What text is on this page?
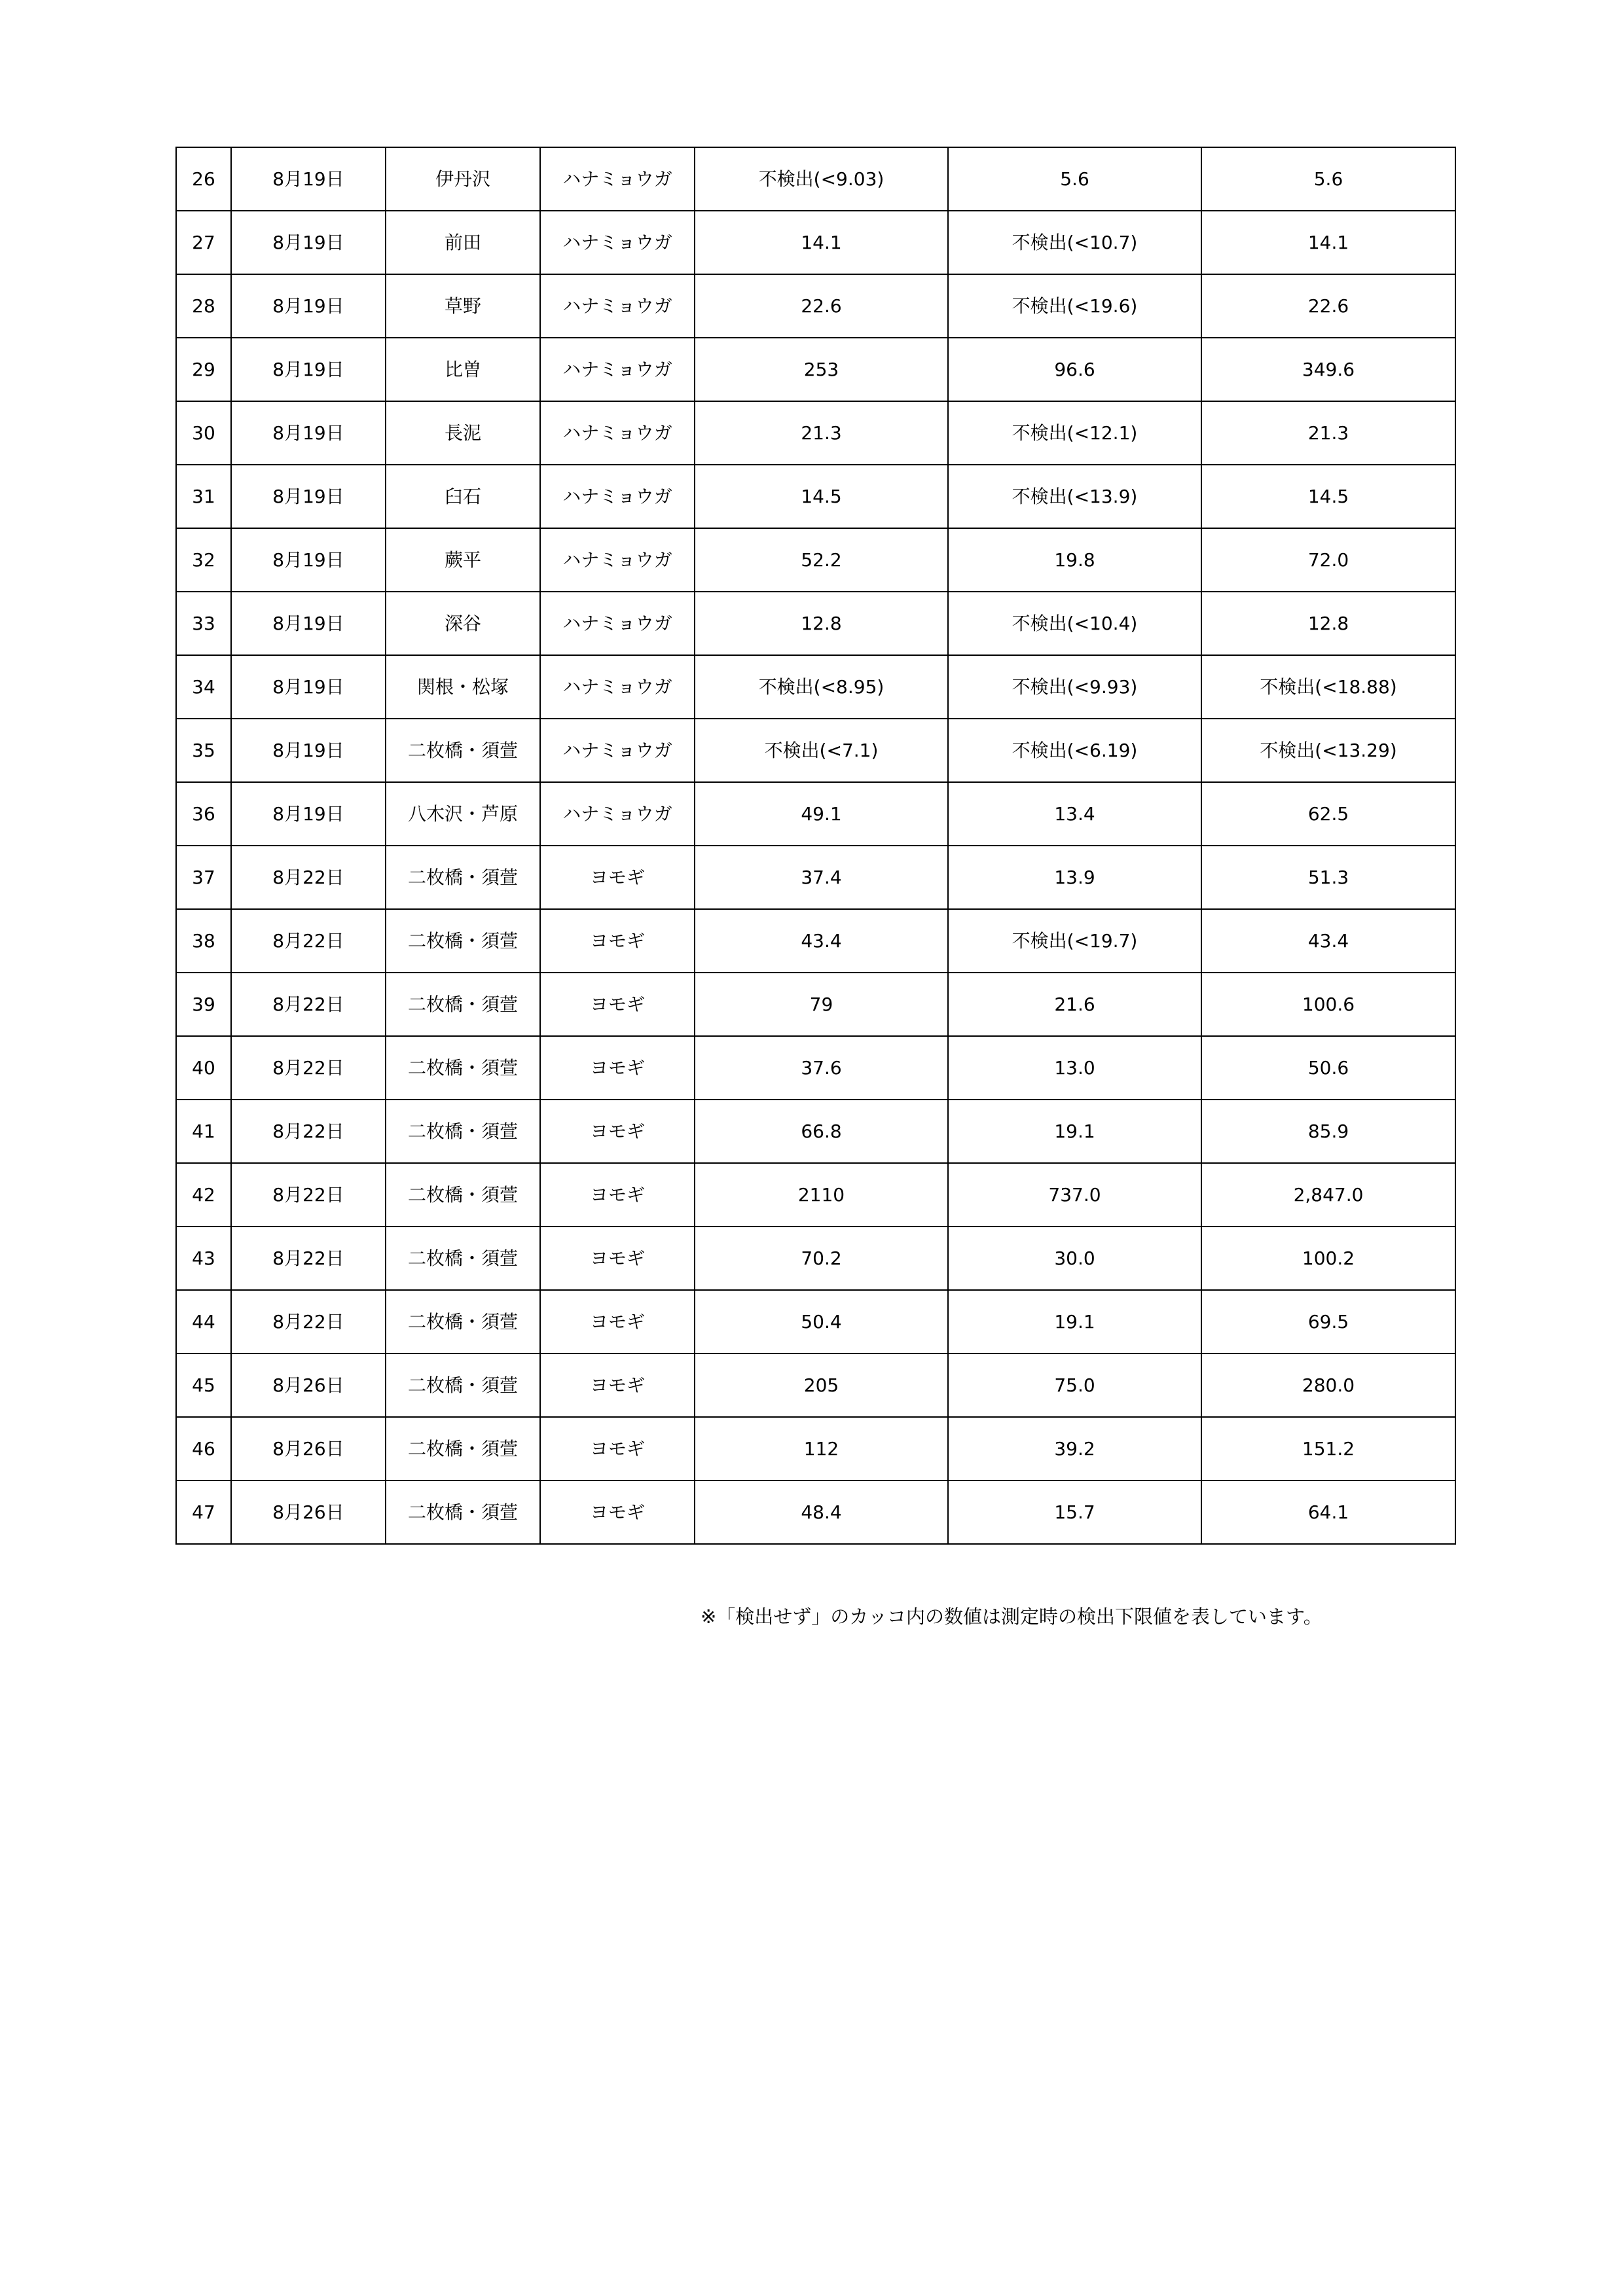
26	8月19日	伊丹沢	ハナミョウガ	不検出(<9.03)	5.6	5.6
27	8月19日	前田	ハナミョウガ	14.1	不検出(<10.7)	14.1
28	8月19日	草野	ハナミョウガ	22.6	不検出(<19.6)	22.6
29	8月19日	比曽	ハナミョウガ	253	96.6	349.6
30	8月19日	長泥	ハナミョウガ	21.3	不検出(<12.1)	21.3
31	8月19日	臼石	ハナミョウガ	14.5	不検出(<13.9)	14.5
32	8月19日	蕨平	ハナミョウガ	52.2	19.8	72.0
33	8月19日	深谷	ハナミョウガ	12.8	不検出(<10.4)	12.8
34	8月19日	関根・松塚	ハナミョウガ	不検出(<8.95)	不検出(<9.93)	不検出(<18.88)
35	8月19日	二枚橋・須萱	ハナミョウガ	不検出(<7.1)	不検出(<6.19)	不検出(<13.29)
36	8月19日	八木沢・芦原	ハナミョウガ	49.1	13.4	62.5
37	8月22日	二枚橋・須萱	ヨモギ	37.4	13.9	51.3
38	8月22日	二枚橋・須萱	ヨモギ	43.4	不検出(<19.7)	43.4
39	8月22日	二枚橋・須萱	ヨモギ	79	21.6	100.6
40	8月22日	二枚橋・須萱	ヨモギ	37.6	13.0	50.6
41	8月22日	二枚橋・須萱	ヨモギ	66.8	19.1	85.9
42	8月22日	二枚橋・須萱	ヨモギ	2110	737.0	2,847.0
43	8月22日	二枚橋・須萱	ヨモギ	70.2	30.0	100.2
44	8月22日	二枚橋・須萱	ヨモギ	50.4	19.1	69.5
45	8月26日	二枚橋・須萱	ヨモギ	205	75.0	280.0
46	8月26日	二枚橋・須萱	ヨモギ	112	39.2	151.2
47	8月26日	二枚橋・須萱	ヨモギ	48.4	15.7	64.1
※「検出せず」のカッコ内の数値は測定時の検出下限値を表しています。
